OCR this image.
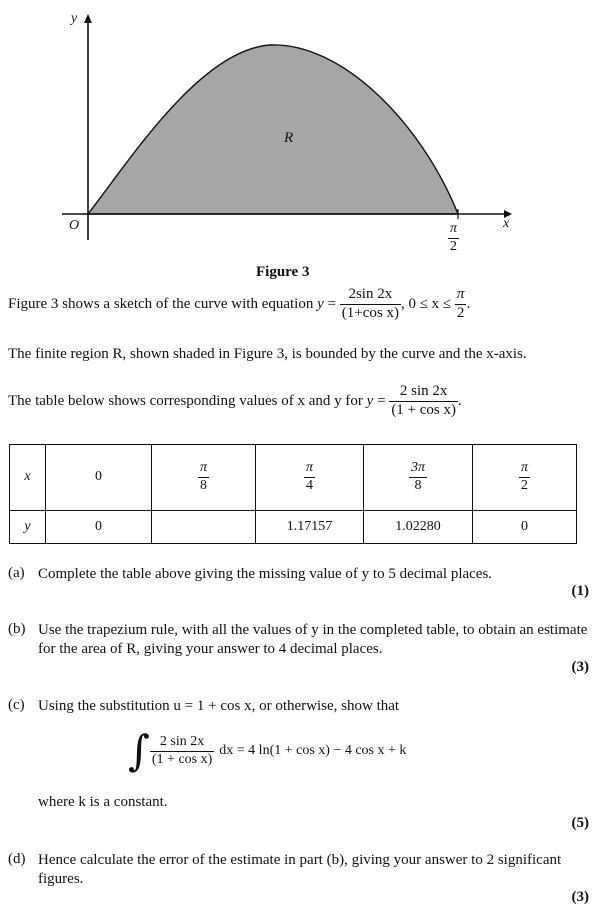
y
x
O
R
$\frac{\pi}{2}$
Figure 3
Figure 3 shows a sketch of the curve with equation $y = \frac{2\sin 2x}{\text{(1+cos x)}}$ , $0 \le x \le \frac{\pi}{2}$ .
The finite region R, shown shaded in Figure 3, is bounded by the curve and the x-axis.
The table below shows corresponding values of x and y for $y = \frac{2 \sin 2x}{\text{(1 + cos x)}}$ .
x	0	$\frac{\pi}{8}$	$\frac{\pi}{4}$	$\frac{3\pi}{8}$	$\frac{\pi}{2}$

y	0		1.17157	1.02280	0
(a) Complete the table above giving the missing value of y to 5 decimal places.
(1)
(b) Use the trapezium rule, with all the values of y in the completed table, to obtain an estimate for the area of R, giving your answer to 4 decimal places.
(3)
(c) Using the substitution u = 1 + cos x, or otherwise, show that
∫ $\frac{2 \sin 2x}{\text{(1 + cos x)}}$ dx = 4 ln(1 + cos x) − 4 cos x + k
where k is a constant.
(5)
(d) Hence calculate the error of the estimate in part (b), giving your answer to 2 significant figures.
(3)
